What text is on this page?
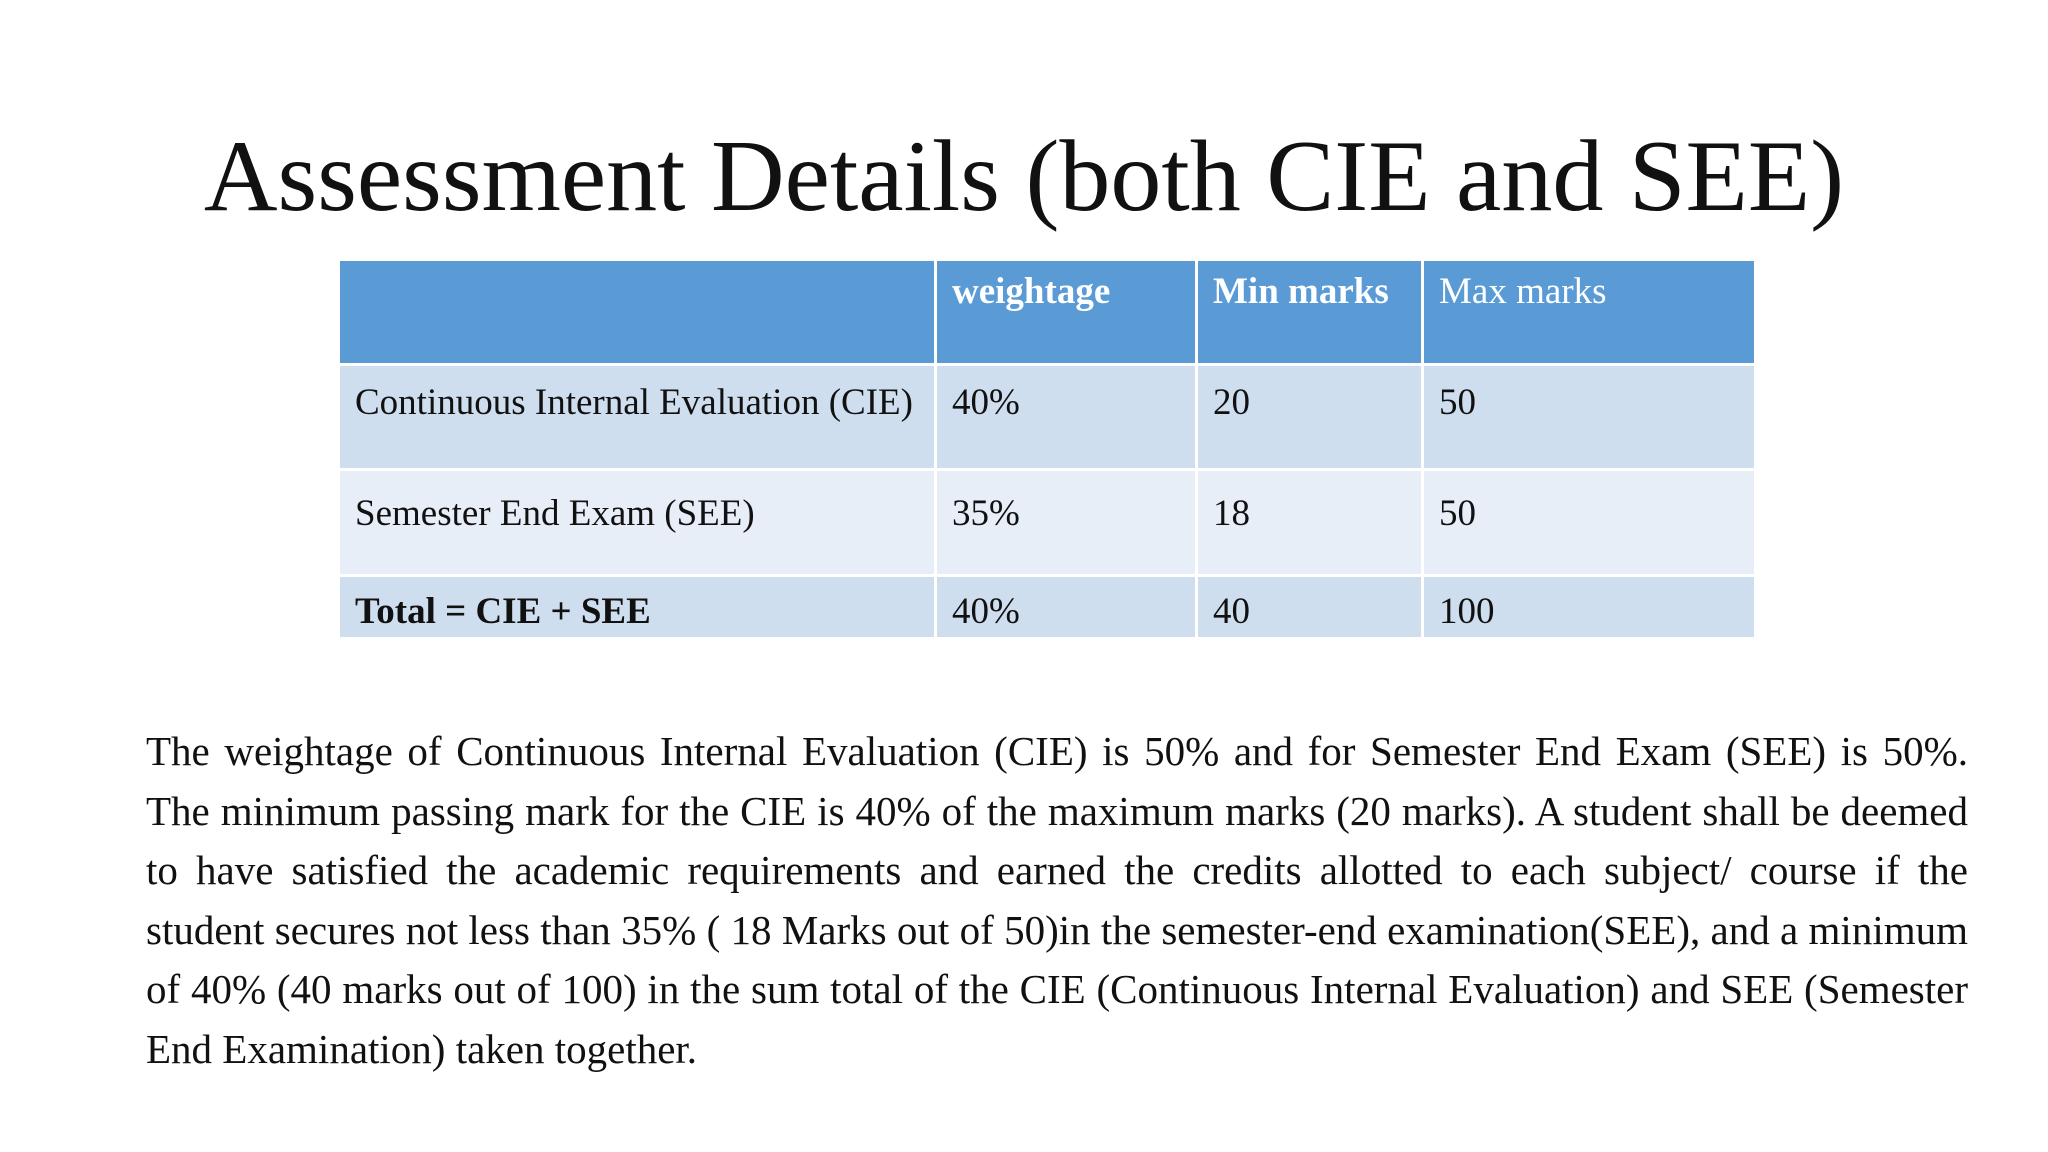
Assessment Details (both CIE and SEE)
	weightage	Min marks	Max marks
Continuous Internal Evaluation (CIE)	40%	20	50
Semester End Exam (SEE)	35%	18	50
Total = CIE + SEE	40%	40	100

The weightage of Continuous Internal Evaluation (CIE) is 50% and for Semester End Exam (SEE) is 50%. The minimum passing mark for the CIE is 40% of the maximum marks (20 marks). A student shall be deemed to have satisfied the academic requirements and earned the credits allotted to each subject/ course if the student secures not less than 35% ( 18 Marks out of 50)in the semester-end examination(SEE), and a minimum of 40% (40 marks out of 100) in the sum total of the CIE (Continuous Internal Evaluation) and SEE (Semester End Examination) taken together.
